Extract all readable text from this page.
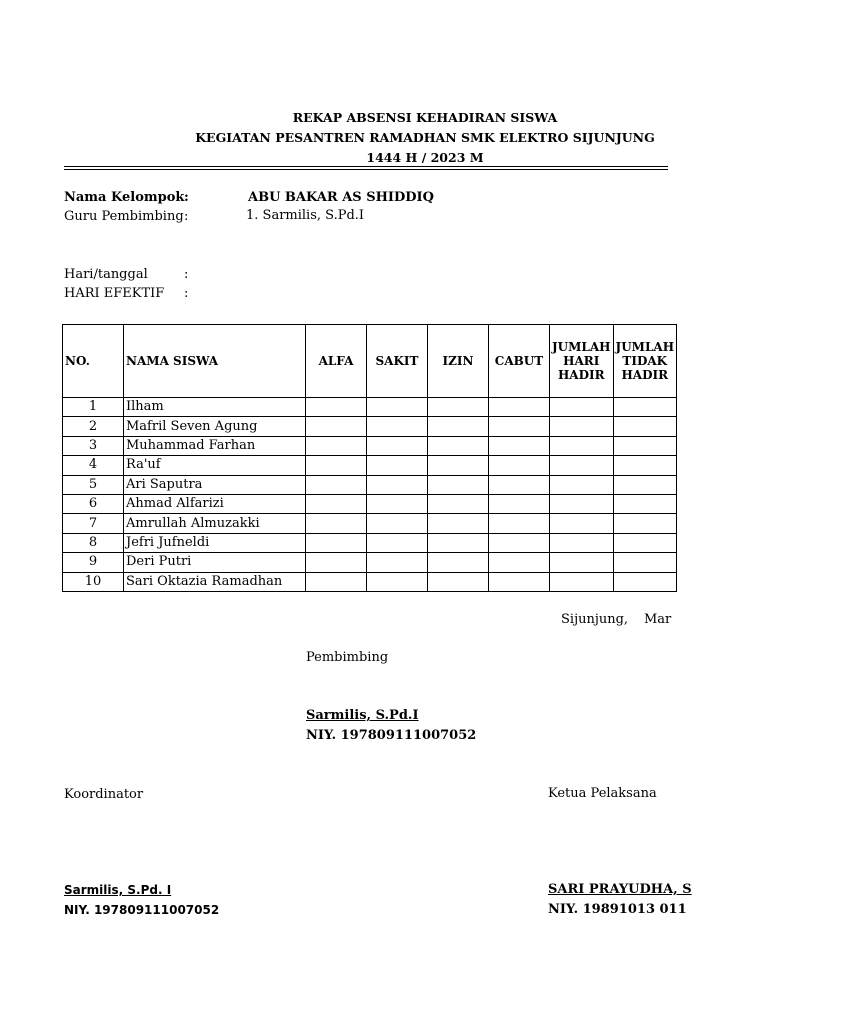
REKAP ABSENSI KEHADIRAN SISWA
KEGIATAN PESANTREN RAMADHAN SMK ELEKTRO SIJUNJUNG
1444 H / 2023 M
Nama Kelompok :	ABU BAKAR AS SHIDDIQ
Guru Pembimbing :	1. Sarmilis, S.Pd.I
Hari/tanggal	:
HARI EFEKTIF :
NO.	NAMA SISWA	ALFA	SAKIT	IZIN	CABUT	JUMLAH HARI HADIR	JUMLAH TIDAK HADIR
1	Ilham						
2	Mafril Seven Agung						
3	Muhammad Farhan						
4	Ra'uf						
5	Ari Saputra						
6	Ahmad Alfarizi						
7	Amrullah Almuzakki						
8	Jefri Jufneldi						
9	Deri Putri						
10	Sari Oktazia Ramadhan						
Sijunjung, Mar
Pembimbing
Sarmilis, S.Pd.I
NIY. 197809111007052
Koordinator
Sarmilis, S.Pd. I
NIY. 197809111007052
Ketua Pelaksana
SARI PRAYUDHA, S
NIY. 19891013 011
